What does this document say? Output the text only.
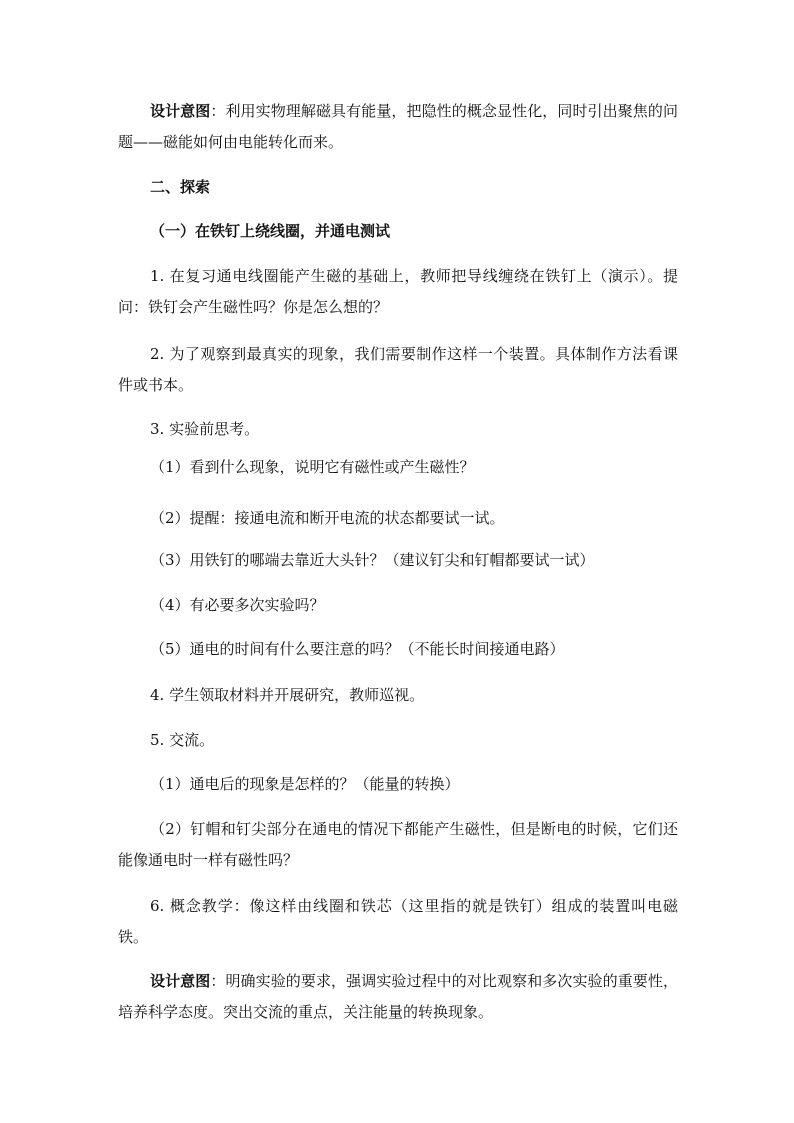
设计意图：利用实物理解磁具有能量，把隐性的概念显性化，同时引出聚焦的问题——磁能如何由电能转化而来。

二、探索

（一）在铁钉上绕线圈，并通电测试

1. 在复习通电线圈能产生磁的基础上，教师把导线缠绕在铁钉上（演示）。提问：铁钉会产生磁性吗？你是怎么想的？

2. 为了观察到最真实的现象，我们需要制作这样一个装置。具体制作方法看课件或书本。

3. 实验前思考。

（1）看到什么现象，说明它有磁性或产生磁性？

（2）提醒：接通电流和断开电流的状态都要试一试。

（3）用铁钉的哪端去靠近大头针？（建议钉尖和钉帽都要试一试）

（4）有必要多次实验吗？

（5）通电的时间有什么要注意的吗？（不能长时间接通电路）

4. 学生领取材料并开展研究，教师巡视。

5. 交流。

（1）通电后的现象是怎样的？（能量的转换）

（2）钉帽和钉尖部分在通电的情况下都能产生磁性，但是断电的时候，它们还能像通电时一样有磁性吗？

6. 概念教学：像这样由线圈和铁芯（这里指的就是铁钉）组成的装置叫电磁铁。

设计意图：明确实验的要求，强调实验过程中的对比观察和多次实验的重要性，培养科学态度。突出交流的重点，关注能量的转换现象。
